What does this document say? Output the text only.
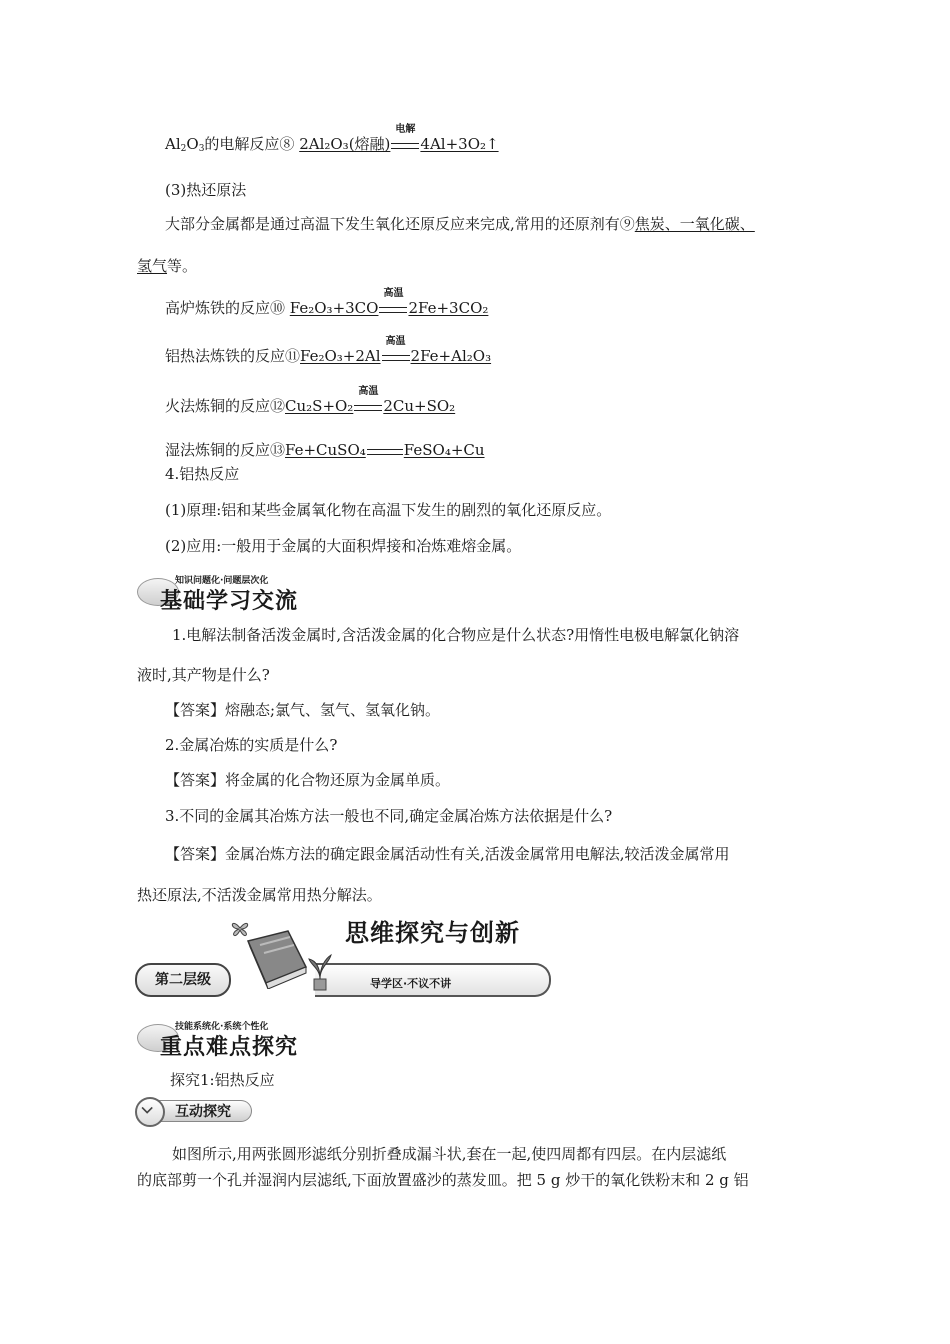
$Al_2O_3$的电解反应⑧ 2Al₂O₃(熔融)
电解
4Al+3O₂↑
(3)热还原法
大部分金属都是通过高温下发生氧化还原反应来完成,常用的还原剂有⑨焦炭、一氧化碳、
氢气等。
高炉炼铁的反应⑩ Fe₂O₃+3CO
高温
2Fe+3CO₂
铝热法炼铁的反应⑪Fe₂O₃+2Al
高温
2Fe+Al₂O₃
火法炼铜的反应⑫Cu₂S+O₂
高温
2Cu+SO₂
湿法炼铜的反应⑬Fe+CuSO₄	FeSO₄+Cu
4.铝热反应
(1)原理:铝和某些金属氧化物在高温下发生的剧烈的氧化还原反应。
(2)应用:一般用于金属的大面积焊接和冶炼难熔金属。
知识问题化·问题层次化
基础学习交流
1.电解法制备活泼金属时,含活泼金属的化合物应是什么状态?用惰性电极电解氯化钠溶
液时,其产物是什么?
【答案】熔融态;氯气、氢气、氢氧化钠。
2.金属冶炼的实质是什么?
【答案】将金属的化合物还原为金属单质。
3.不同的金属其冶炼方法一般也不同,确定金属冶炼方法依据是什么?
【答案】金属冶炼方法的确定跟金属活动性有关,活泼金属常用电解法,较活泼金属常用
热还原法,不活泼金属常用热分解法。
第二层级
思维探究与创新
导学区·不议不讲
技能系统化·系统个性化
重点难点探究
探究1:铝热反应
互动探究
如图所示,用两张圆形滤纸分别折叠成漏斗状,套在一起,使四周都有四层。在内层滤纸
的底部剪一个孔并湿润内层滤纸,下面放置盛沙的蒸发皿。把 5 g 炒干的氧化铁粉末和 2 g 铝
